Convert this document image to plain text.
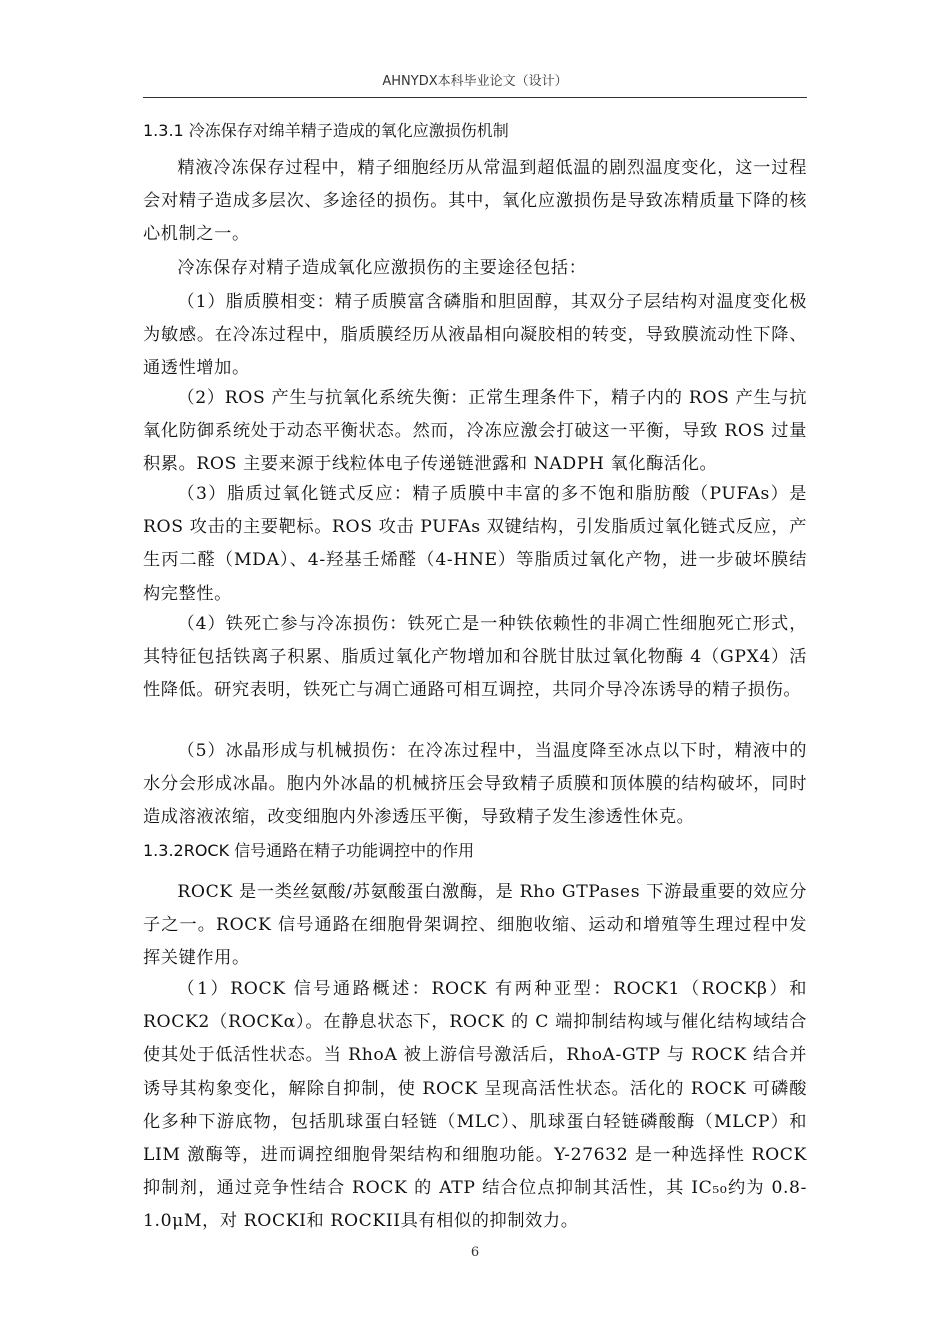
AHNYDX本科毕业论文（设计）
1.3.1 冷冻保存对绵羊精子造成的氧化应激损伤机制

精液冷冻保存过程中，精子细胞经历从常温到超低温的剧烈温度变化，这一过程会对精子造成多层次、多途径的损伤。其中，氧化应激损伤是导致冻精质量下降的核心机制之一。

冷冻保存对精子造成氧化应激损伤的主要途径包括：

（1）脂质膜相变：精子质膜富含磷脂和胆固醇，其双分子层结构对温度变化极为敏感。在冷冻过程中，脂质膜经历从液晶相向凝胶相的转变，导致膜流动性下降、通透性增加。

（2）ROS 产生与抗氧化系统失衡：正常生理条件下，精子内的 ROS 产生与抗氧化防御系统处于动态平衡状态。然而，冷冻应激会打破这一平衡，导致 ROS 过量积累。ROS 主要来源于线粒体电子传递链泄露和 NADPH 氧化酶活化。

（3）脂质过氧化链式反应：精子质膜中丰富的多不饱和脂肪酸（PUFAs）是 ROS 攻击的主要靶标。ROS 攻击 PUFAs 双键结构，引发脂质过氧化链式反应，产生丙二醛（MDA）、4-羟基壬烯醛（4-HNE）等脂质过氧化产物，进一步破坏膜结构完整性。

（4）铁死亡参与冷冻损伤：铁死亡是一种铁依赖性的非凋亡性细胞死亡形式，其特征包括铁离子积累、脂质过氧化产物增加和谷胱甘肽过氧化物酶 4（GPX4）活性降低。研究表明，铁死亡与凋亡通路可相互调控，共同介导冷冻诱导的精子损伤。

（5）冰晶形成与机械损伤：在冷冻过程中，当温度降至冰点以下时，精液中的水分会形成冰晶。胞内外冰晶的机械挤压会导致精子质膜和顶体膜的结构破坏，同时造成溶液浓缩，改变细胞内外渗透压平衡，导致精子发生渗透性休克。

1.3.2ROCK 信号通路在精子功能调控中的作用

ROCK 是一类丝氨酸/苏氨酸蛋白激酶，是 Rho GTPases 下游最重要的效应分子之一。ROCK 信号通路在细胞骨架调控、细胞收缩、运动和增殖等生理过程中发挥关键作用。

（1）ROCK 信号通路概述：ROCK 有两种亚型：ROCK1（ROCKβ）和 ROCK2（ROCKα）。在静息状态下，ROCK 的 C 端抑制结构域与催化结构域结合使其处于低活性状态。当 RhoA 被上游信号激活后，RhoA-GTP 与 ROCK 结合并诱导其构象变化，解除自抑制，使 ROCK 呈现高活性状态。活化的 ROCK 可磷酸化多种下游底物，包括肌球蛋白轻链（MLC）、肌球蛋白轻链磷酸酶（MLCP）和 LIM 激酶等，进而调控细胞骨架结构和细胞功能。Y-27632 是一种选择性 ROCK 抑制剂，通过竞争性结合 ROCK 的 ATP 结合位点抑制其活性，其 IC₅₀约为 0.8-1.0μM，对 ROCKI和 ROCKII具有相似的抑制效力。

6
